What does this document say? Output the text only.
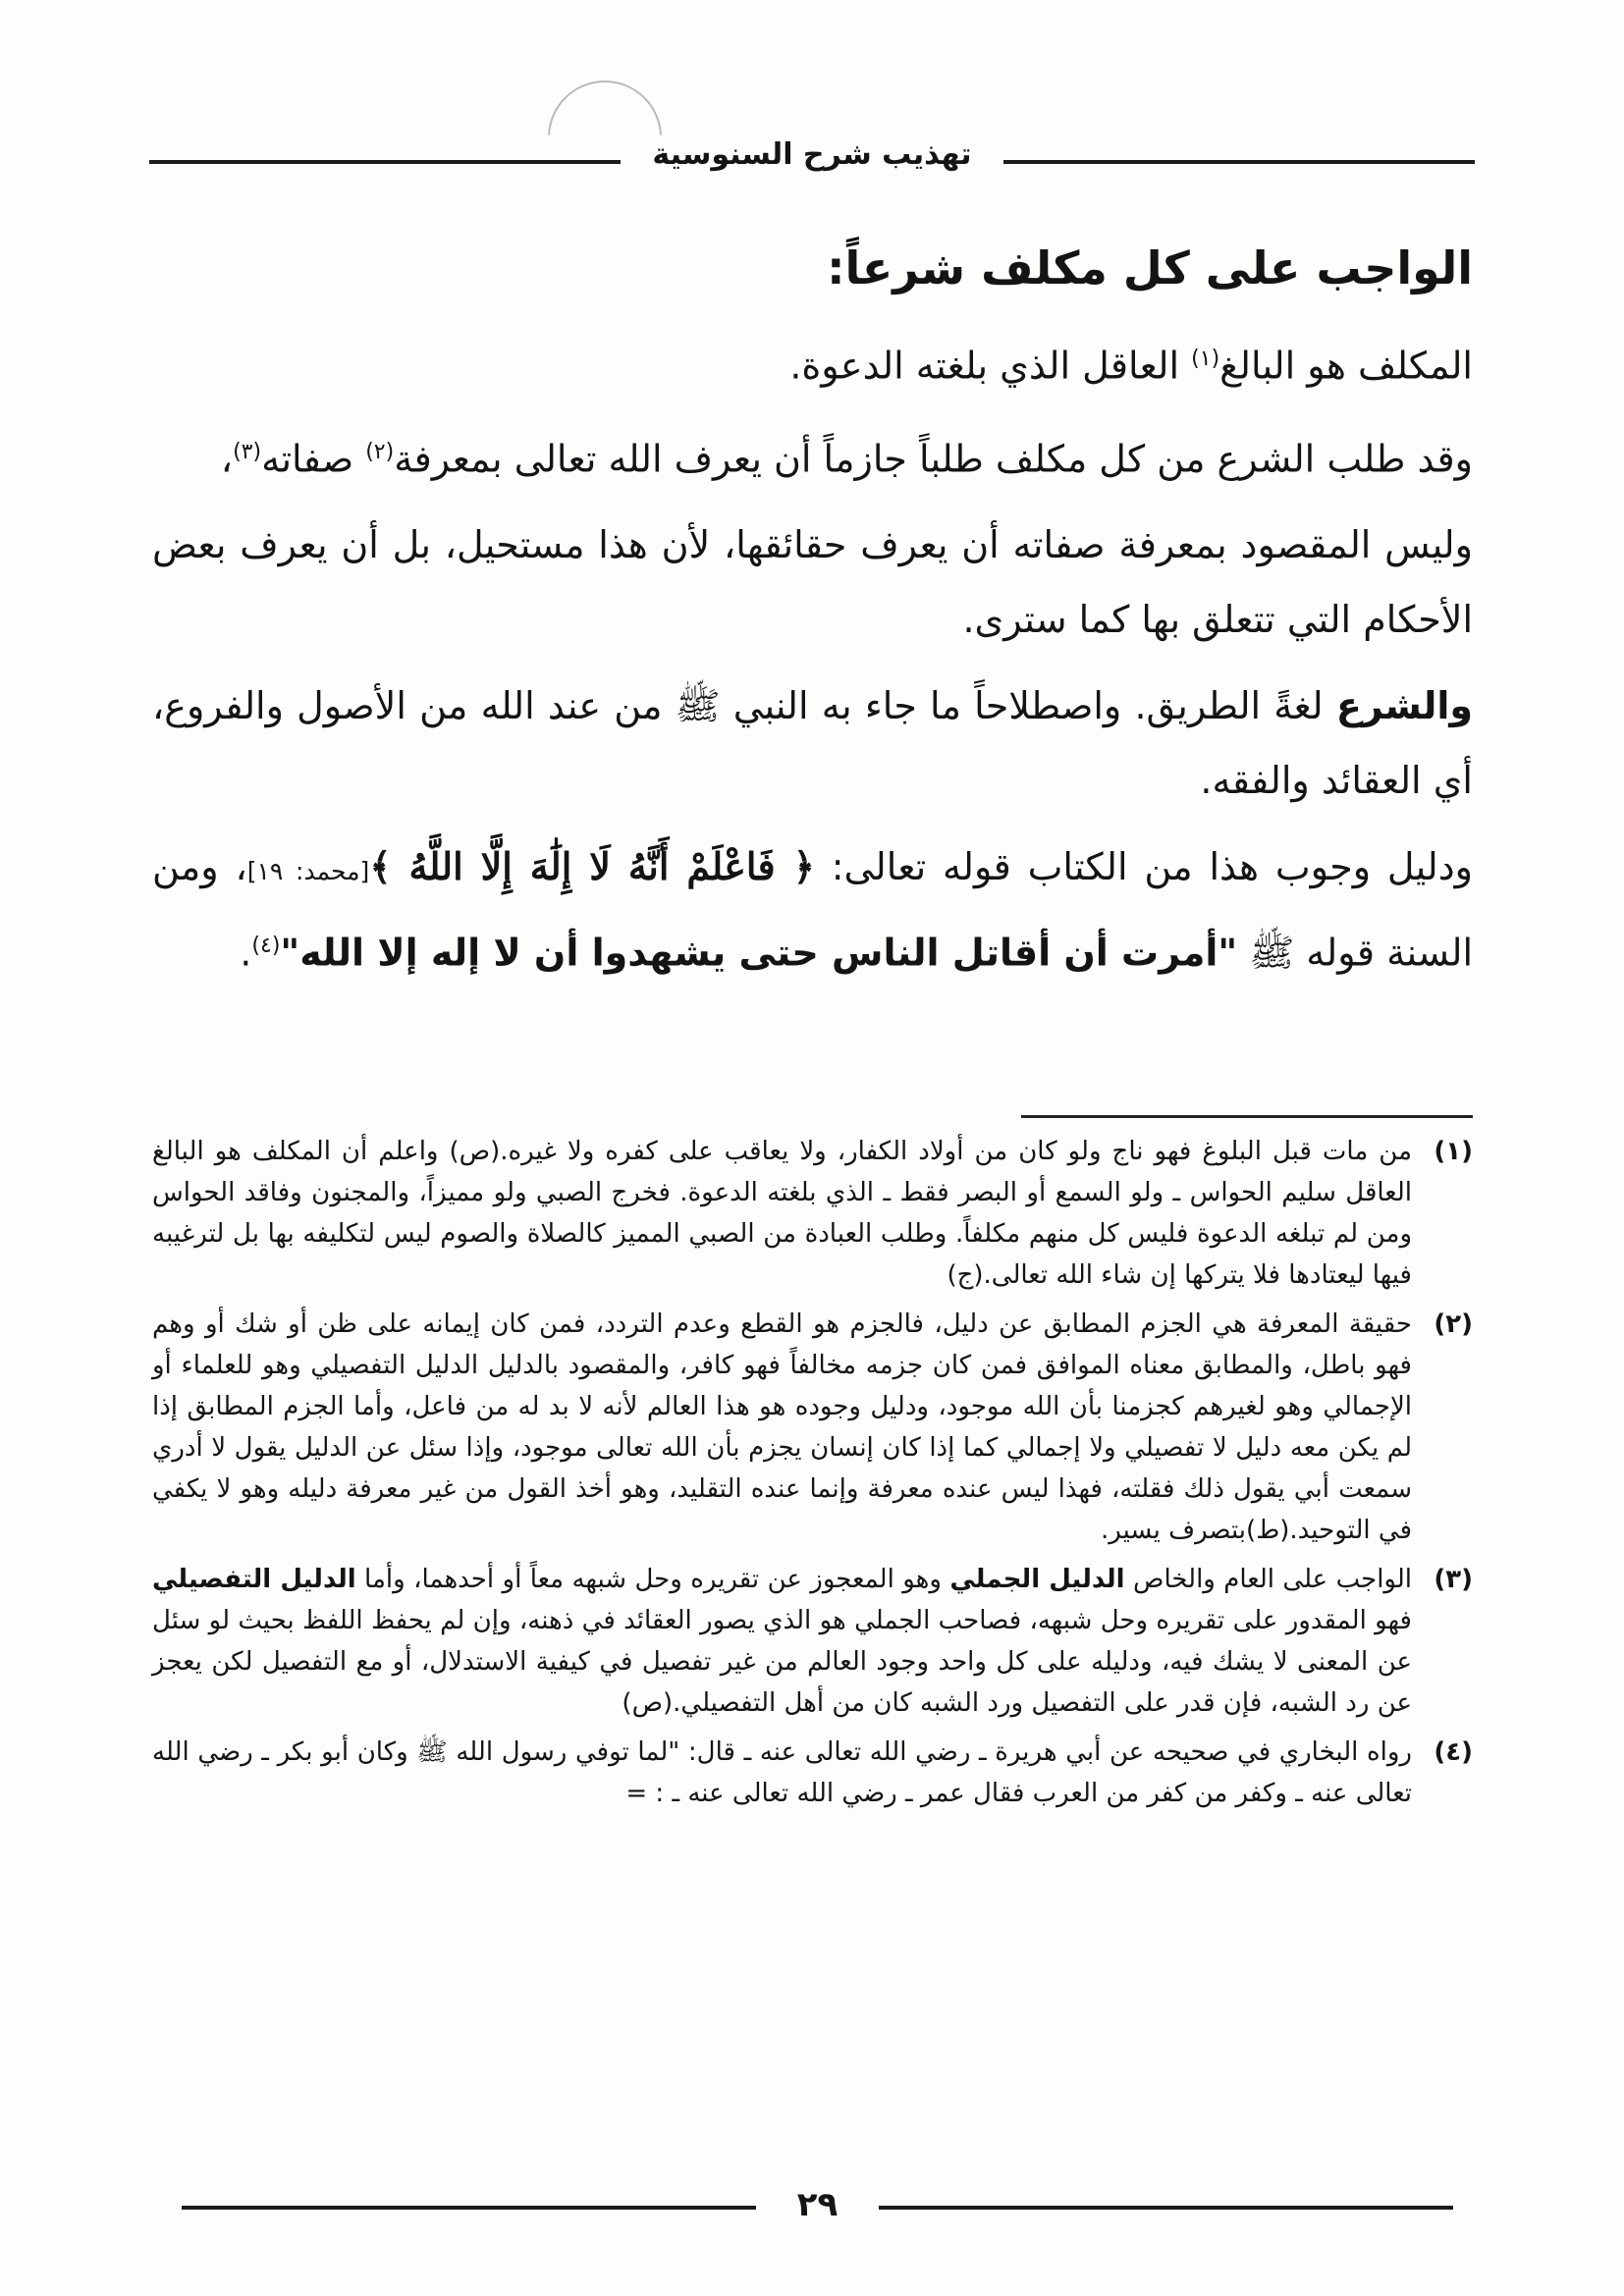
تهذيب شرح السنوسية
الواجب على كل مكلف شرعاً:

المكلف هو البالغ$^{(١)}$ العاقل الذي بلغته الدعوة.

وقد طلب الشرع من كل مكلف طلباً جازماً أن يعرف الله تعالى بمعرفة$^{(٢)}$ صفاته$^{(٣)}$،

وليس المقصود بمعرفة صفاته أن يعرف حقائقها، لأن هذا مستحيل، بل أن يعرف بعض الأحكام التي تتعلق بها كما سترى.

والشرع لغةً الطريق. واصطلاحاً ما جاء به النبي ﷺ من عند الله من الأصول والفروع، أي العقائد والفقه.

ودليل وجوب هذا من الكتاب قوله تعالى: ﴿ فَاعْلَمْ أَنَّهُ لَا إِلَٰهَ إِلَّا اللَّهُ ﴾[محمد: ١٩]، ومن السنة قوله ﷺ "أمرت أن أقاتل الناس حتى يشهدوا أن لا إله إلا الله"$^{(٤)}$.

(١)
من مات قبل البلوغ فهو ناج ولو كان من أولاد الكفار، ولا يعاقب على كفره ولا غيره.(ص) واعلم أن المكلف هو البالغ العاقل سليم الحواس ـ ولو السمع أو البصر فقط ـ الذي بلغته الدعوة. فخرج الصبي ولو مميزاً، والمجنون وفاقد الحواس ومن لم تبلغه الدعوة فليس كل منهم مكلفاً. وطلب العبادة من الصبي المميز كالصلاة والصوم ليس لتكليفه بها بل لترغيبه فيها ليعتادها فلا يتركها إن شاء الله تعالى.(ج)
(٢)
حقيقة المعرفة هي الجزم المطابق عن دليل، فالجزم هو القطع وعدم التردد، فمن كان إيمانه على ظن أو شك أو وهم فهو باطل، والمطابق معناه الموافق فمن كان جزمه مخالفاً فهو كافر، والمقصود بالدليل الدليل التفصيلي وهو للعلماء أو الإجمالي وهو لغيرهم كجزمنا بأن الله موجود، ودليل وجوده هو هذا العالم لأنه لا بد له من فاعل، وأما الجزم المطابق إذا لم يكن معه دليل لا تفصيلي ولا إجمالي كما إذا كان إنسان يجزم بأن الله تعالى موجود، وإذا سئل عن الدليل يقول لا أدري سمعت أبي يقول ذلك فقلته، فهذا ليس عنده معرفة وإنما عنده التقليد، وهو أخذ القول من غير معرفة دليله وهو لا يكفي في التوحيد.(ط)بتصرف يسير.
(٣)
الواجب على العام والخاص الدليل الجملي وهو المعجوز عن تقريره وحل شبهه معاً أو أحدهما، وأما الدليل التفصيلي فهو المقدور على تقريره وحل شبهه، فصاحب الجملي هو الذي يصور العقائد في ذهنه، وإن لم يحفظ اللفظ بحيث لو سئل عن المعنى لا يشك فيه، ودليله على كل واحد وجود العالم من غير تفصيل في كيفية الاستدلال، أو مع التفصيل لكن يعجز عن رد الشبه، فإن قدر على التفصيل ورد الشبه كان من أهل التفصيلي.(ص)
(٤)
رواه البخاري في صحيحه عن أبي هريرة ـ رضي الله تعالى عنه ـ قال: "لما توفي رسول الله ﷺ وكان أبو بكر ـ رضي الله تعالى عنه ـ وكفر من كفر من العرب فقال عمر ـ رضي الله تعالى عنه ـ : =
٢٩
